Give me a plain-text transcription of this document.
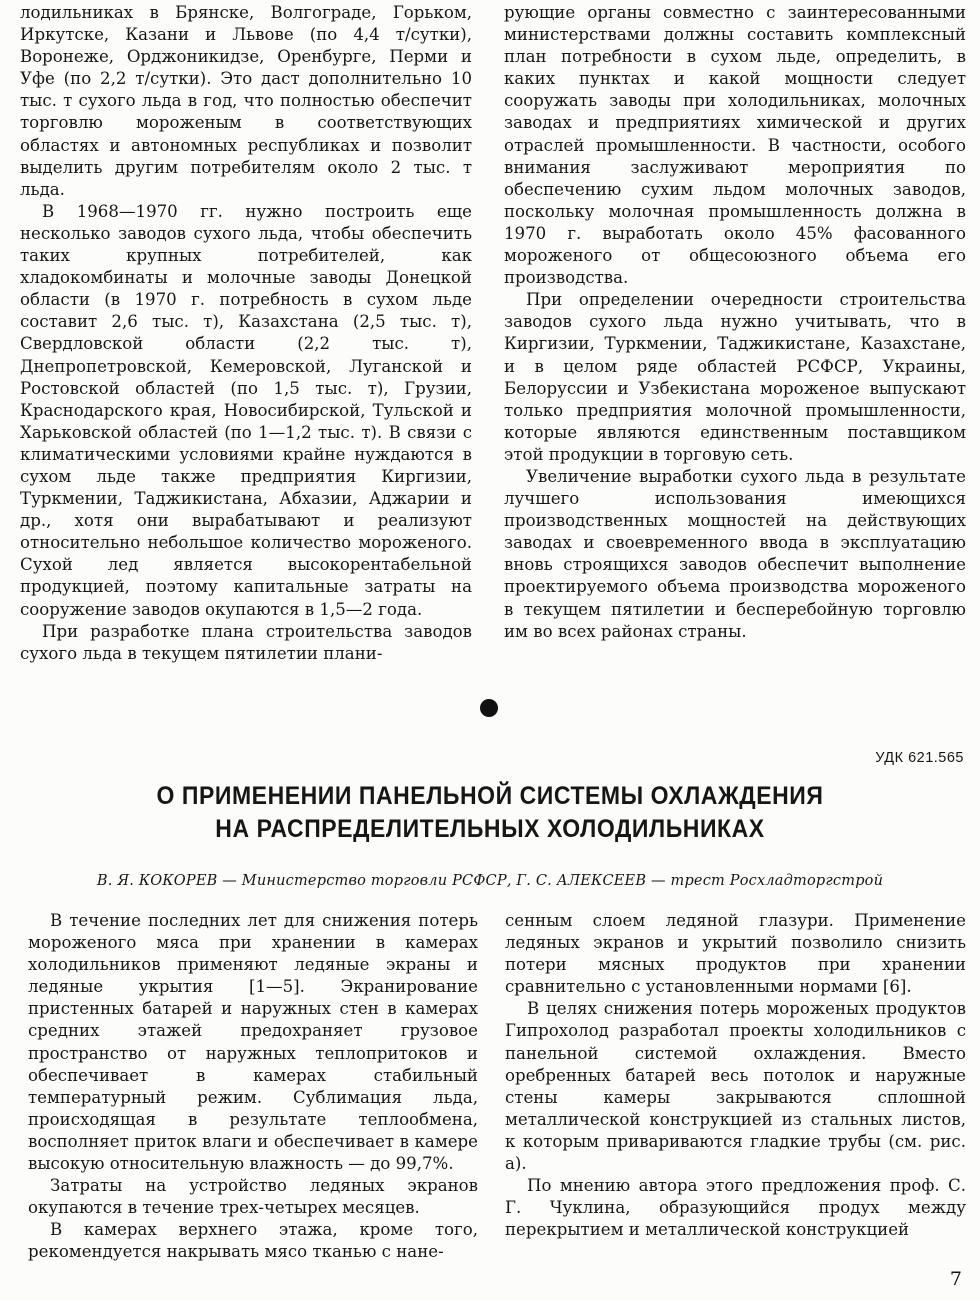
лодильниках в Брянске, Волгограде, Горьком, Иркутске, Казани и Львове (по 4,4 т/сутки), Воронеже, Орджоникидзе, Оренбурге, Перми и Уфе (по 2,2 т/сутки). Это даст дополнительно 10 тыс. т сухого льда в год, что полностью обеспечит торговлю мороженым в соответствующих областях и автономных республиках и позволит выделить другим потребителям около 2 тыс. т льда.

В 1968—1970 гг. нужно построить еще несколько заводов сухого льда, чтобы обеспечить таких крупных потребителей, как хладокомбинаты и молочные заводы Донецкой области (в 1970 г. потребность в сухом льде составит 2,6 тыс. т), Казахстана (2,5 тыс. т), Свердловской области (2,2 тыс. т), Днепропетровской, Кемеровской, Луганской и Ростовской областей (по 1,5 тыс. т), Грузии, Краснодарского края, Новосибирской, Тульской и Харьковской областей (по 1—1,2 тыс. т). В связи с климатическими условиями крайне нуждаются в сухом льде также предприятия Киргизии, Туркмении, Таджикистана, Абхазии, Аджарии и др., хотя они вырабатывают и реализуют относительно небольшое количество мороженого. Сухой лед является высокорентабельной продукцией, поэтому капитальные затраты на сооружение заводов окупаются в 1,5—2 года.

При разработке плана строительства заводов сухого льда в текущем пятилетии плани-

рующие органы совместно с заинтересованными министерствами должны составить комплексный план потребности в сухом льде, определить, в каких пунктах и какой мощности следует сооружать заводы при холодильниках, молочных заводах и предприятиях химической и других отраслей промышленности. В частности, особого внимания заслуживают мероприятия по обеспечению сухим льдом молочных заводов, поскольку молочная промышленность должна в 1970 г. выработать около 45% фасованного мороженого от общесоюзного объема его производства.

При определении очередности строительства заводов сухого льда нужно учитывать, что в Киргизии, Туркмении, Таджикистане, Казахстане, и в целом ряде областей РСФСР, Украины, Белоруссии и Узбекистана мороженое выпускают только предприятия молочной промышленности, которые являются единственным поставщиком этой продукции в торговую сеть.

Увеличение выработки сухого льда в результате лучшего использования имеющихся производственных мощностей на действующих заводах и своевременного ввода в эксплуатацию вновь строящихся заводов обеспечит выполнение проектируемого объема производства мороженого в текущем пятилетии и бесперебойную торговлю им во всех районах страны.

УДК 621.565
О ПРИМЕНЕНИИ ПАНЕЛЬНОЙ СИСТЕМЫ ОХЛАЖДЕНИЯ
НА РАСПРЕДЕЛИТЕЛЬНЫХ ХОЛОДИЛЬНИКАХ
В. Я. КОКОРЕВ — Министерство торговли РСФСР, Г. С. АЛЕКСЕЕВ — трест Росхладторгстрой

В течение последних лет для снижения потерь мороженого мяса при хранении в камерах холодильников применяют ледяные экраны и ледяные укрытия [1—5]. Экранирование пристенных батарей и наружных стен в камерах средних этажей предохраняет грузовое пространство от наружных теплопритоков и обеспечивает в камерах стабильный температурный режим. Сублимация льда, происходящая в результате теплообмена, восполняет приток влаги и обеспечивает в камере высокую относительную влажность — до 99,7%.

Затраты на устройство ледяных экранов окупаются в течение трех-четырех месяцев.

В камерах верхнего этажа, кроме того, рекомендуется накрывать мясо тканью с нане-

сенным слоем ледяной глазури. Применение ледяных экранов и укрытий позволило снизить потери мясных продуктов при хранении сравнительно с установленными нормами [6].

В целях снижения потерь мороженых продуктов Гипрохолод разработал проекты холодильников с панельной системой охлаждения. Вместо оребренных батарей весь потолок и наружные стены камеры закрываются сплошной металлической конструкцией из стальных листов, к которым привариваются гладкие трубы (см. рис. а).

По мнению автора этого предложения проф. С. Г. Чуклина, образующийся продух между перекрытием и металлической конструкцией

7
